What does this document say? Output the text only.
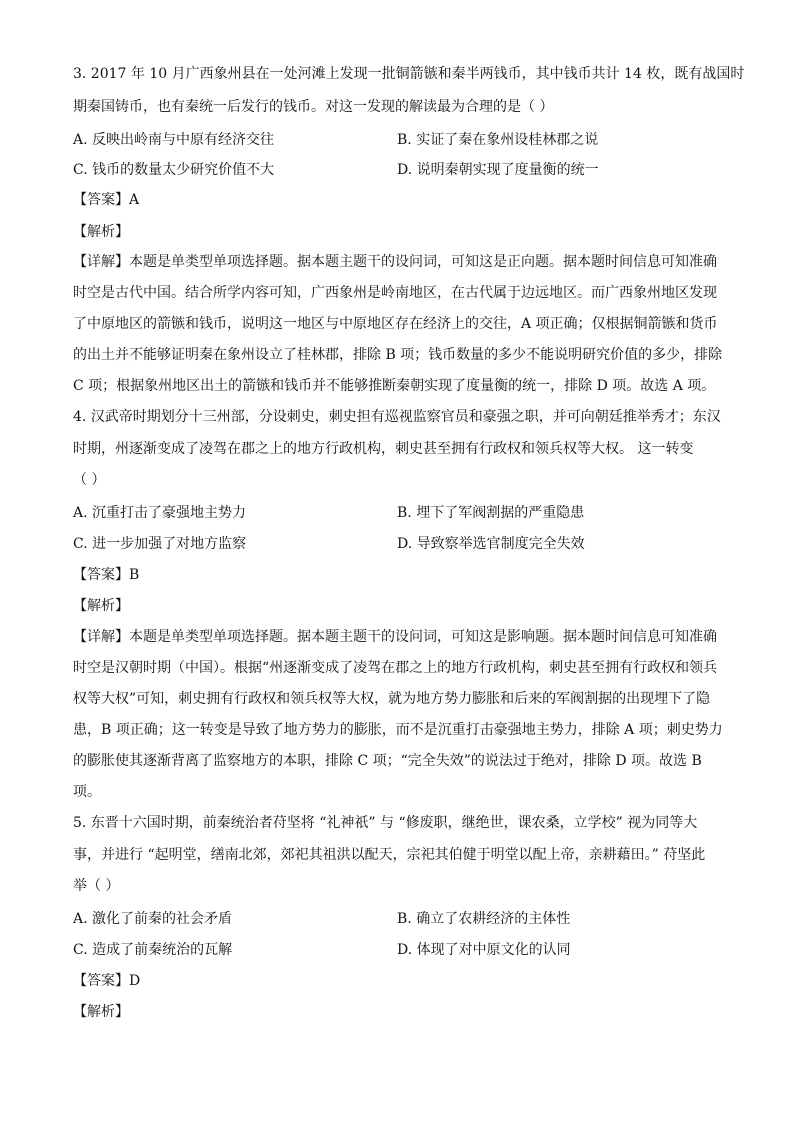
3. 2017 年 10 月广西象州县在一处河滩上发现一批铜箭镞和秦半两钱币，其中钱币共计 14 枚，既有战国时
期秦国铸币，也有秦统一后发行的钱币。对这一发现的解读最为合理的是（ ）
A. 反映出岭南与中原有经济交往	B. 实证了秦在象州设桂林郡之说
C. 钱币的数量太少研究价值不大	D. 说明秦朝实现了度量衡的统一
【答案】A
【解析】
【详解】本题是单类型单项选择题。据本题主题干的设问词，可知这是正向题。据本题时间信息可知准确
时空是古代中国。结合所学内容可知，广西象州是岭南地区，在古代属于边远地区。而广西象州地区发现
了中原地区的箭镞和钱币，说明这一地区与中原地区存在经济上的交往，A 项正确；仅根据铜箭镞和货币
的出土并不能够证明秦在象州设立了桂林郡，排除 B 项；钱币数量的多少不能说明研究价值的多少，排除
C 项；根据象州地区出土的箭镞和钱币并不能够推断秦朝实现了度量衡的统一，排除 D 项。故选 A 项。
4. 汉武帝时期划分十三州部，分设刺史，刺史担有巡视监察官员和豪强之职，并可向朝廷推举秀才；东汉
时期，州逐渐变成了凌驾在郡之上的地方行政机构，刺史甚至拥有行政权和领兵权等大权。 这一转变
（ ）
A. 沉重打击了豪强地主势力	B. 埋下了军阀割据的严重隐患
C. 进一步加强了对地方监察	D. 导致察举选官制度完全失效
【答案】B
【解析】
【详解】本题是单类型单项选择题。据本题主题干的设问词，可知这是影响题。据本题时间信息可知准确
时空是汉朝时期（中国）。根据“州逐渐变成了凌驾在郡之上的地方行政机构，刺史甚至拥有行政权和领兵
权等大权”可知，刺史拥有行政权和领兵权等大权，就为地方势力膨胀和后来的军阀割据的出现埋下了隐
患，B 项正确；这一转变是导致了地方势力的膨胀，而不是沉重打击豪强地主势力，排除 A 项；刺史势力
的膨胀使其逐渐背离了监察地方的本职，排除 C 项；“完全失效”的说法过于绝对，排除 D 项。故选 B
项。
5. 东晋十六国时期，前秦统治者苻坚将 “礼神祇” 与 “修废职，继绝世，课农桑，立学校” 视为同等大
事，并进行 “起明堂，缮南北郊，郊祀其祖洪以配天，宗祀其伯健于明堂以配上帝，亲耕藉田。” 苻坚此
举（ ）
A. 激化了前秦的社会矛盾	B. 确立了农耕经济的主体性
C. 造成了前秦统治的瓦解	D. 体现了对中原文化的认同
【答案】D
【解析】
